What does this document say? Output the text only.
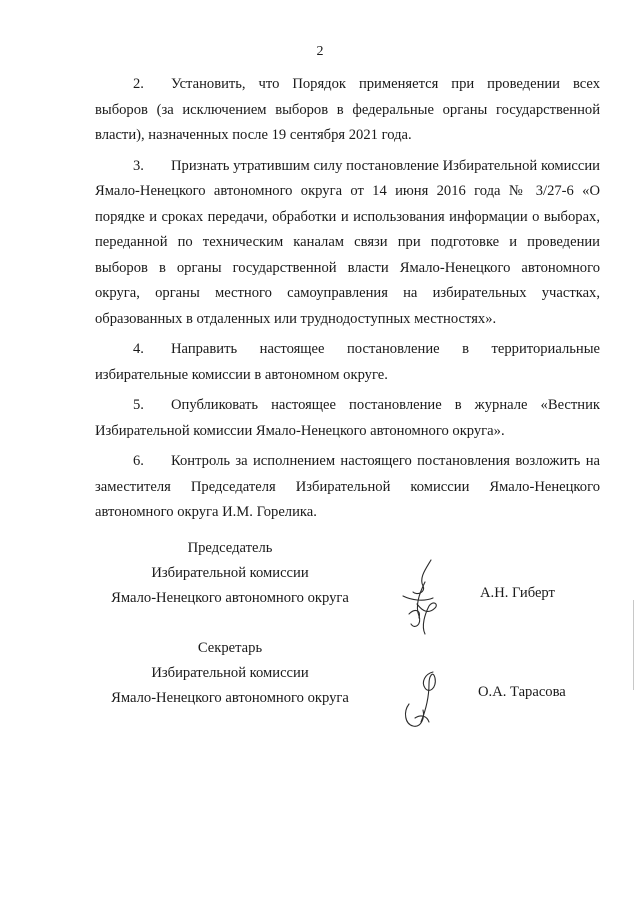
2

2. Установить, что Порядок применяется при проведении всех выборов (за исключением выборов в федеральные органы государственной власти), назначенных после 19 сентября 2021 года.

3. Признать утратившим силу постановление Избирательной комиссии Ямало-Ненецкого автономного округа от 14 июня 2016 года № 3/27-6 «О порядке и сроках передачи, обработки и использования информации о выборах, переданной по техническим каналам связи при подготовке и проведении выборов в органы государственной власти Ямало-Ненецкого автономного округа, органы местного самоуправления на избирательных участках, образованных в отдаленных или труднодоступных местностях».

4. Направить настоящее постановление в территориальные избирательные комиссии в автономном округе.

5. Опубликовать настоящее постановление в журнале «Вестник Избирательной комиссии Ямало-Ненецкого автономного округа».

6. Контроль за исполнением настоящего постановления возложить на заместителя Председателя Избирательной комиссии Ямало-Ненецкого автономного округа И.М. Горелика.

Председатель
Избирательной комиссии
Ямало-Ненецкого автономного округа	А.Н. Гиберт
Секретарь
Избирательной комиссии
Ямало-Ненецкого автономного округа	О.А. Тарасова
